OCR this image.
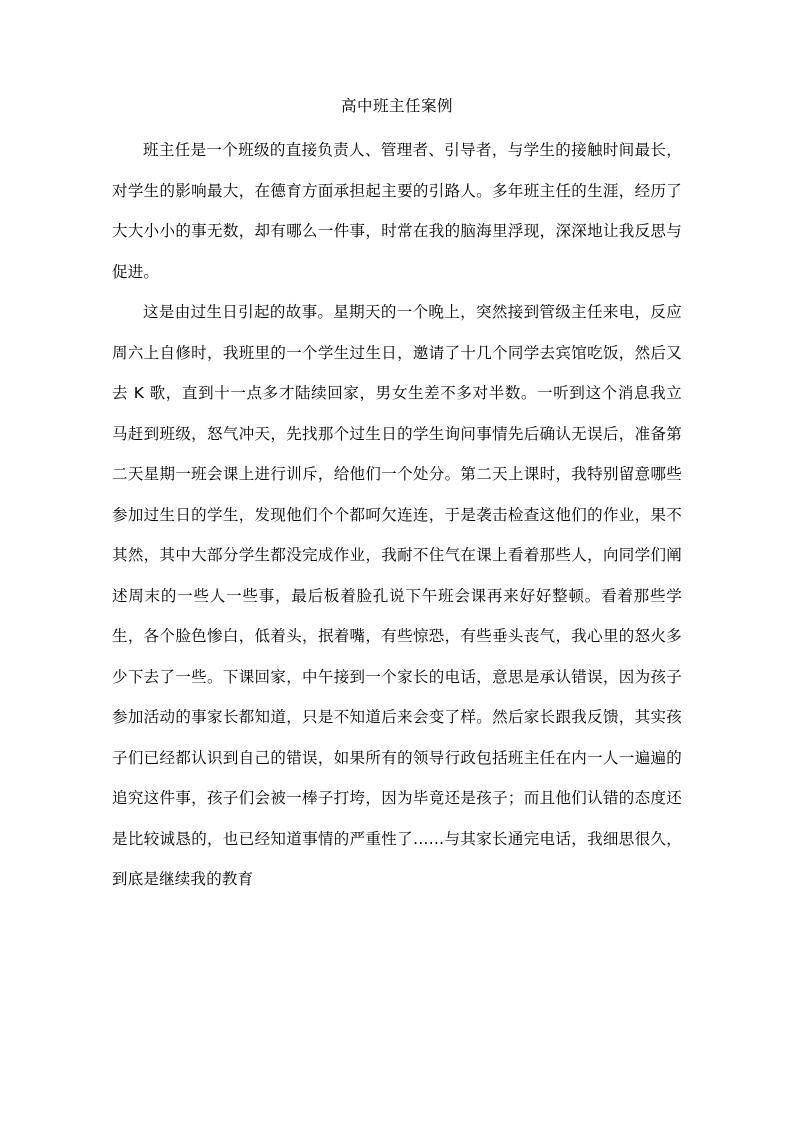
高中班主任案例

班主任是一个班级的直接负责人、管理者、引导者，与学生的接触时间最长，对学生的影响最大，在德育方面承担起主要的引路人。多年班主任的生涯，经历了大大小小的事无数，却有哪么一件事，时常在我的脑海里浮现，深深地让我反思与促进。

这是由过生日引起的故事。星期天的一个晚上，突然接到管级主任来电，反应周六上自修时，我班里的一个学生过生日，邀请了十几个同学去宾馆吃饭，然后又去 K 歌，直到十一点多才陆续回家，男女生差不多对半数。一听到这个消息我立马赶到班级，怒气冲天，先找那个过生日的学生询问事情先后确认无误后，准备第二天星期一班会课上进行训斥，给他们一个处分。第二天上课时，我特别留意哪些参加过生日的学生，发现他们个个都呵欠连连，于是袭击检查这他们的作业，果不其然，其中大部分学生都没完成作业，我耐不住气在课上看着那些人，向同学们阐述周末的一些人一些事，最后板着脸孔说下午班会课再来好好整顿。看着那些学生，各个脸色惨白，低着头，抿着嘴，有些惊恐，有些垂头丧气，我心里的怒火多少下去了一些。下课回家，中午接到一个家长的电话，意思是承认错误，因为孩子参加活动的事家长都知道，只是不知道后来会变了样。然后家长跟我反馈，其实孩子们已经都认识到自己的错误，如果所有的领导行政包括班主任在内一人一遍遍的追究这件事，孩子们会被一棒子打垮，因为毕竟还是孩子；而且他们认错的态度还是比较诚恳的，也已经知道事情的严重性了……与其家长通完电话，我细思很久，到底是继续我的教育
